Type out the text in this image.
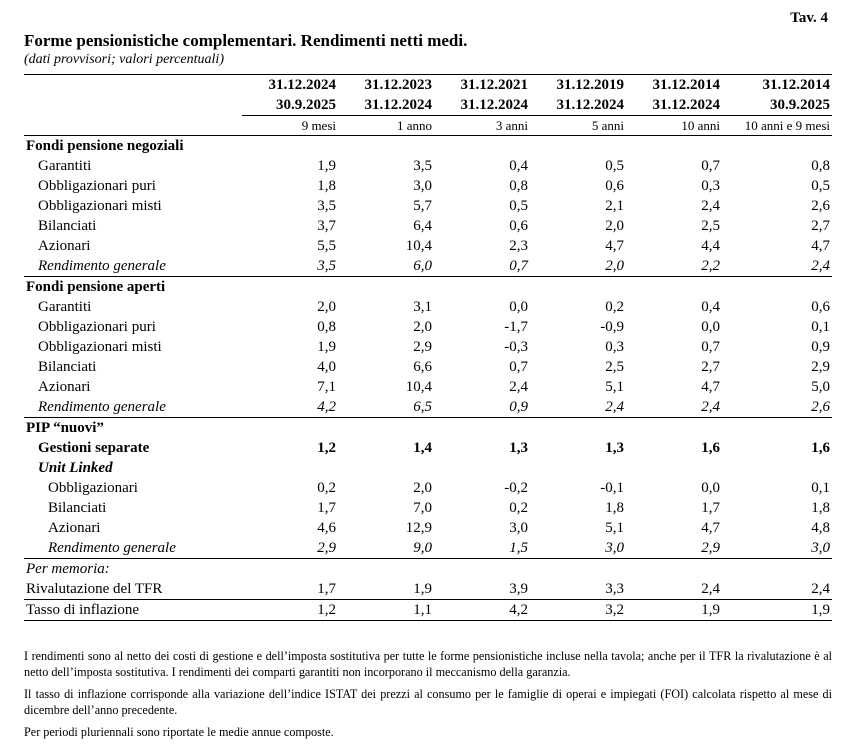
Tav. 4
Forme pensionistiche complementari. Rendimenti netti medi.
(dati provvisori; valori percentuali)
	31.12.2024	31.12.2023	31.12.2021	31.12.2019	31.12.2014	31.12.2014
	30.9.2025	31.12.2024	31.12.2024	31.12.2024	31.12.2024	30.9.2025
	9 mesi	1 anno	3 anni	5 anni	10 anni	10 anni e 9 mesi
Fondi pensione negoziali						
Garantiti	1,9	3,5	0,4	0,5	0,7	0,8
Obbligazionari puri	1,8	3,0	0,8	0,6	0,3	0,5
Obbligazionari misti	3,5	5,7	0,5	2,1	2,4	2,6
Bilanciati	3,7	6,4	0,6	2,0	2,5	2,7
Azionari	5,5	10,4	2,3	4,7	4,4	4,7
Rendimento generale	3,5	6,0	0,7	2,0	2,2	2,4
Fondi pensione aperti						
Garantiti	2,0	3,1	0,0	0,2	0,4	0,6
Obbligazionari puri	0,8	2,0	-1,7	-0,9	0,0	0,1
Obbligazionari misti	1,9	2,9	-0,3	0,3	0,7	0,9
Bilanciati	4,0	6,6	0,7	2,5	2,7	2,9
Azionari	7,1	10,4	2,4	5,1	4,7	5,0
Rendimento generale	4,2	6,5	0,9	2,4	2,4	2,6
PIP “nuovi”						
Gestioni separate	1,2	1,4	1,3	1,3	1,6	1,6
Unit Linked						
Obbligazionari	0,2	2,0	-0,2	-0,1	0,0	0,1
Bilanciati	1,7	7,0	0,2	1,8	1,7	1,8
Azionari	4,6	12,9	3,0	5,1	4,7	4,8
Rendimento generale	2,9	9,0	1,5	3,0	2,9	3,0
Per memoria:						
Rivalutazione del TFR	1,7	1,9	3,9	3,3	2,4	2,4
Tasso di inflazione	1,2	1,1	4,2	3,2	1,9	1,9

I rendimenti sono al netto dei costi di gestione e dell’imposta sostitutiva per tutte le forme pensionistiche incluse nella tavola; anche per il TFR la rivalutazione è al netto dell’imposta sostitutiva. I rendimenti dei comparti garantiti non incorporano il meccanismo della garanzia.

Il tasso di inflazione corrisponde alla variazione dell’indice ISTAT dei prezzi al consumo per le famiglie di operai e impiegati (FOI) calcolata rispetto al mese di dicembre dell’anno precedente.

Per periodi pluriennali sono riportate le medie annue composte.
